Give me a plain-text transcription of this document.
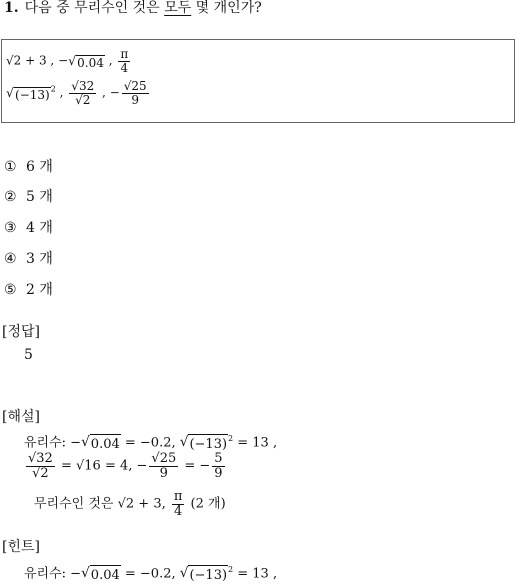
1. 다음 중 무리수인 것은 모두 몇 개인가?
√2 + 3 , − √ 0.04 , $\frac{\pi}{4}$
√ (−13) $^2$ , $\frac{√32}{√2}$ , − $\frac{√25}{9}$
① 6 개
② 5 개
③ 4 개
④ 3 개
⑤ 2 개
[정답]
5
[해설]
유리수: − √ 0.04 = −0.2, √ (−13) $^2$ = 13 ,
$\frac{√32}{√2} = √16 = 4$, − $\frac{√25}{9}$ = − $\frac{5}{9}$
무리수인 것은 √2 + 3, $\frac{\pi}{4} (2$ 개)
[힌트]
유리수: − √ 0.04 = −0.2, √ (−13) $^2$ = 13 ,
